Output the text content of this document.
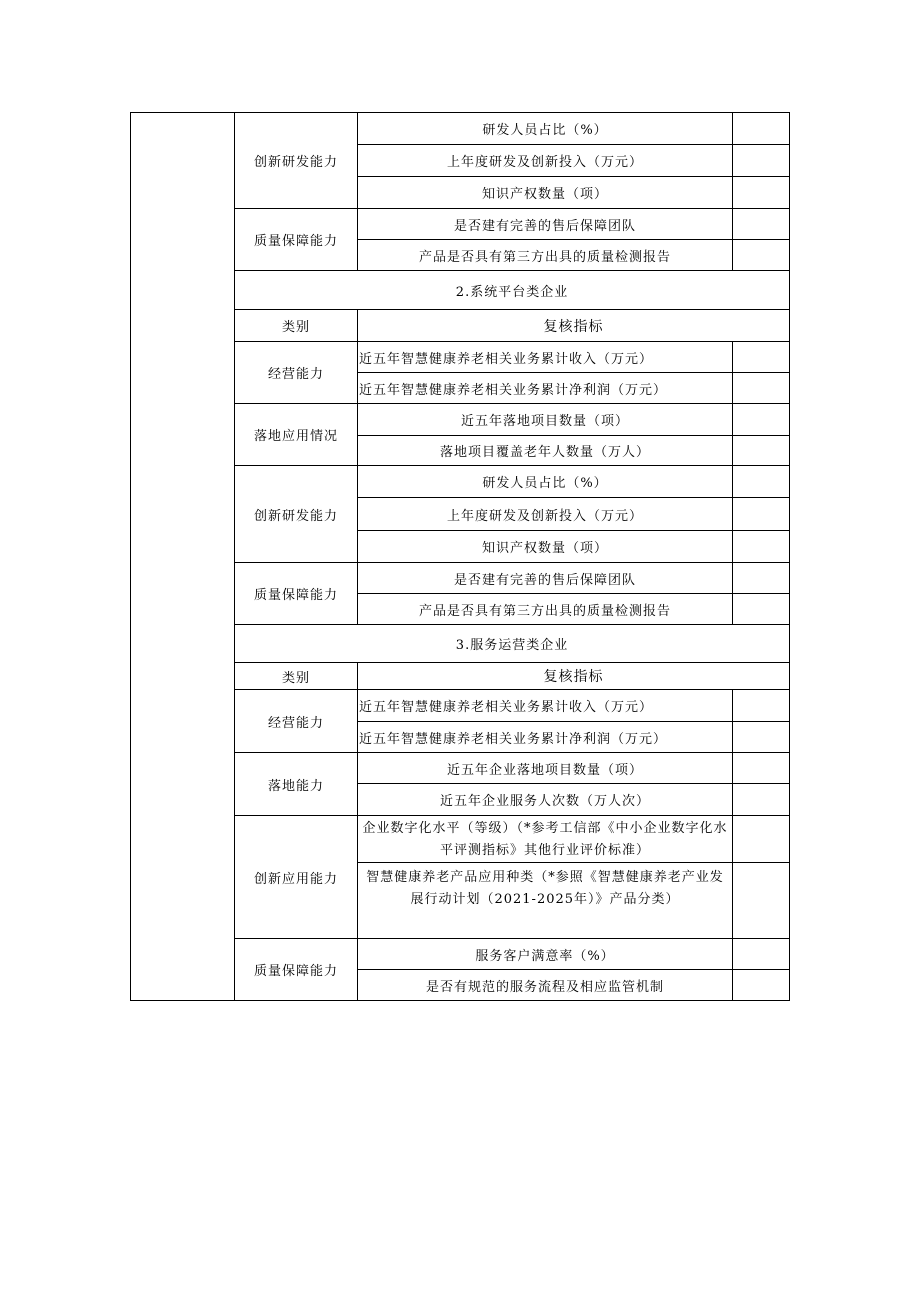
创新研发能力
研发人员占比（%）
上年度研发及创新投入（万元）
知识产权数量（项）
质量保障能力
是否建有完善的售后保障团队
产品是否具有第三方出具的质量检测报告
2.系统平台类企业
类别	复核指标
经营能力
近五年智慧健康养老相关业务累计收入（万元）
近五年智慧健康养老相关业务累计净利润（万元）
落地应用情况
近五年落地项目数量（项）
落地项目覆盖老年人数量（万人）
创新研发能力
研发人员占比（%）
上年度研发及创新投入（万元）
知识产权数量（项）
质量保障能力
是否建有完善的售后保障团队
产品是否具有第三方出具的质量检测报告
3.服务运营类企业
类别	复核指标
经营能力
近五年智慧健康养老相关业务累计收入（万元）
近五年智慧健康养老相关业务累计净利润（万元）
落地能力
近五年企业落地项目数量（项）
近五年企业服务人次数（万人次）
创新应用能力
企业数字化水平（等级）（*参考工信部《中小企业数字化水平评测指标》其他行业评价标准）
智慧健康养老产品应用种类（*参照《智慧健康养老产业发展行动计划（2021-2025年）》产品分类）
质量保障能力
服务客户满意率（%）
是否有规范的服务流程及相应监管机制
